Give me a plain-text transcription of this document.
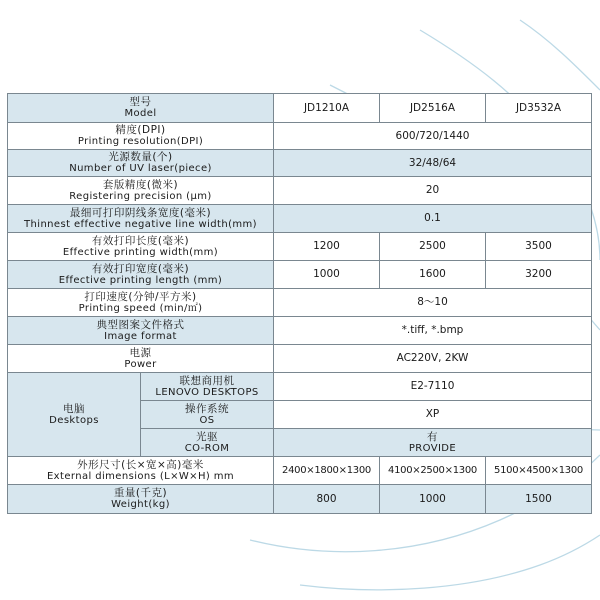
型号
Model		JD1210A	JD2516A	JD3532A

精度(DPI)
Printing resolution(DPI)		600/720/1440		

光源数量(个)
Number of UV laser(piece)		32/48/64		

套版精度(微米)
Registering precision (μm)		20		

最细可打印阴线条宽度(毫米)
Thinnest effective negative line width(mm)		0.1		

有效打印长度(毫米)
Effective printing width(mm)		1200	2500	3500

有效打印宽度(毫米)
Effective printing length (mm)		1000	1600	3200

打印速度(分钟/平方米)
Printing speed (min/㎡)		8～10		

典型图案文件格式
Image format		*.tiff, *.bmp		

电源
Power		AC220V, 2KW		

电脑
Desktops	联想商用机
LENOVO DESKTOPS	E2-7110		

	操作系统
OS	XP		

	光驱
CO-ROM	有
PROVIDE		

外形尺寸(长×宽×高)毫米
External dimensions (L×W×H) mm		2400×1800×1300	4100×2500×1300	5100×4500×1300

重量(千克)
Weight(kg)		800	1000	1500
